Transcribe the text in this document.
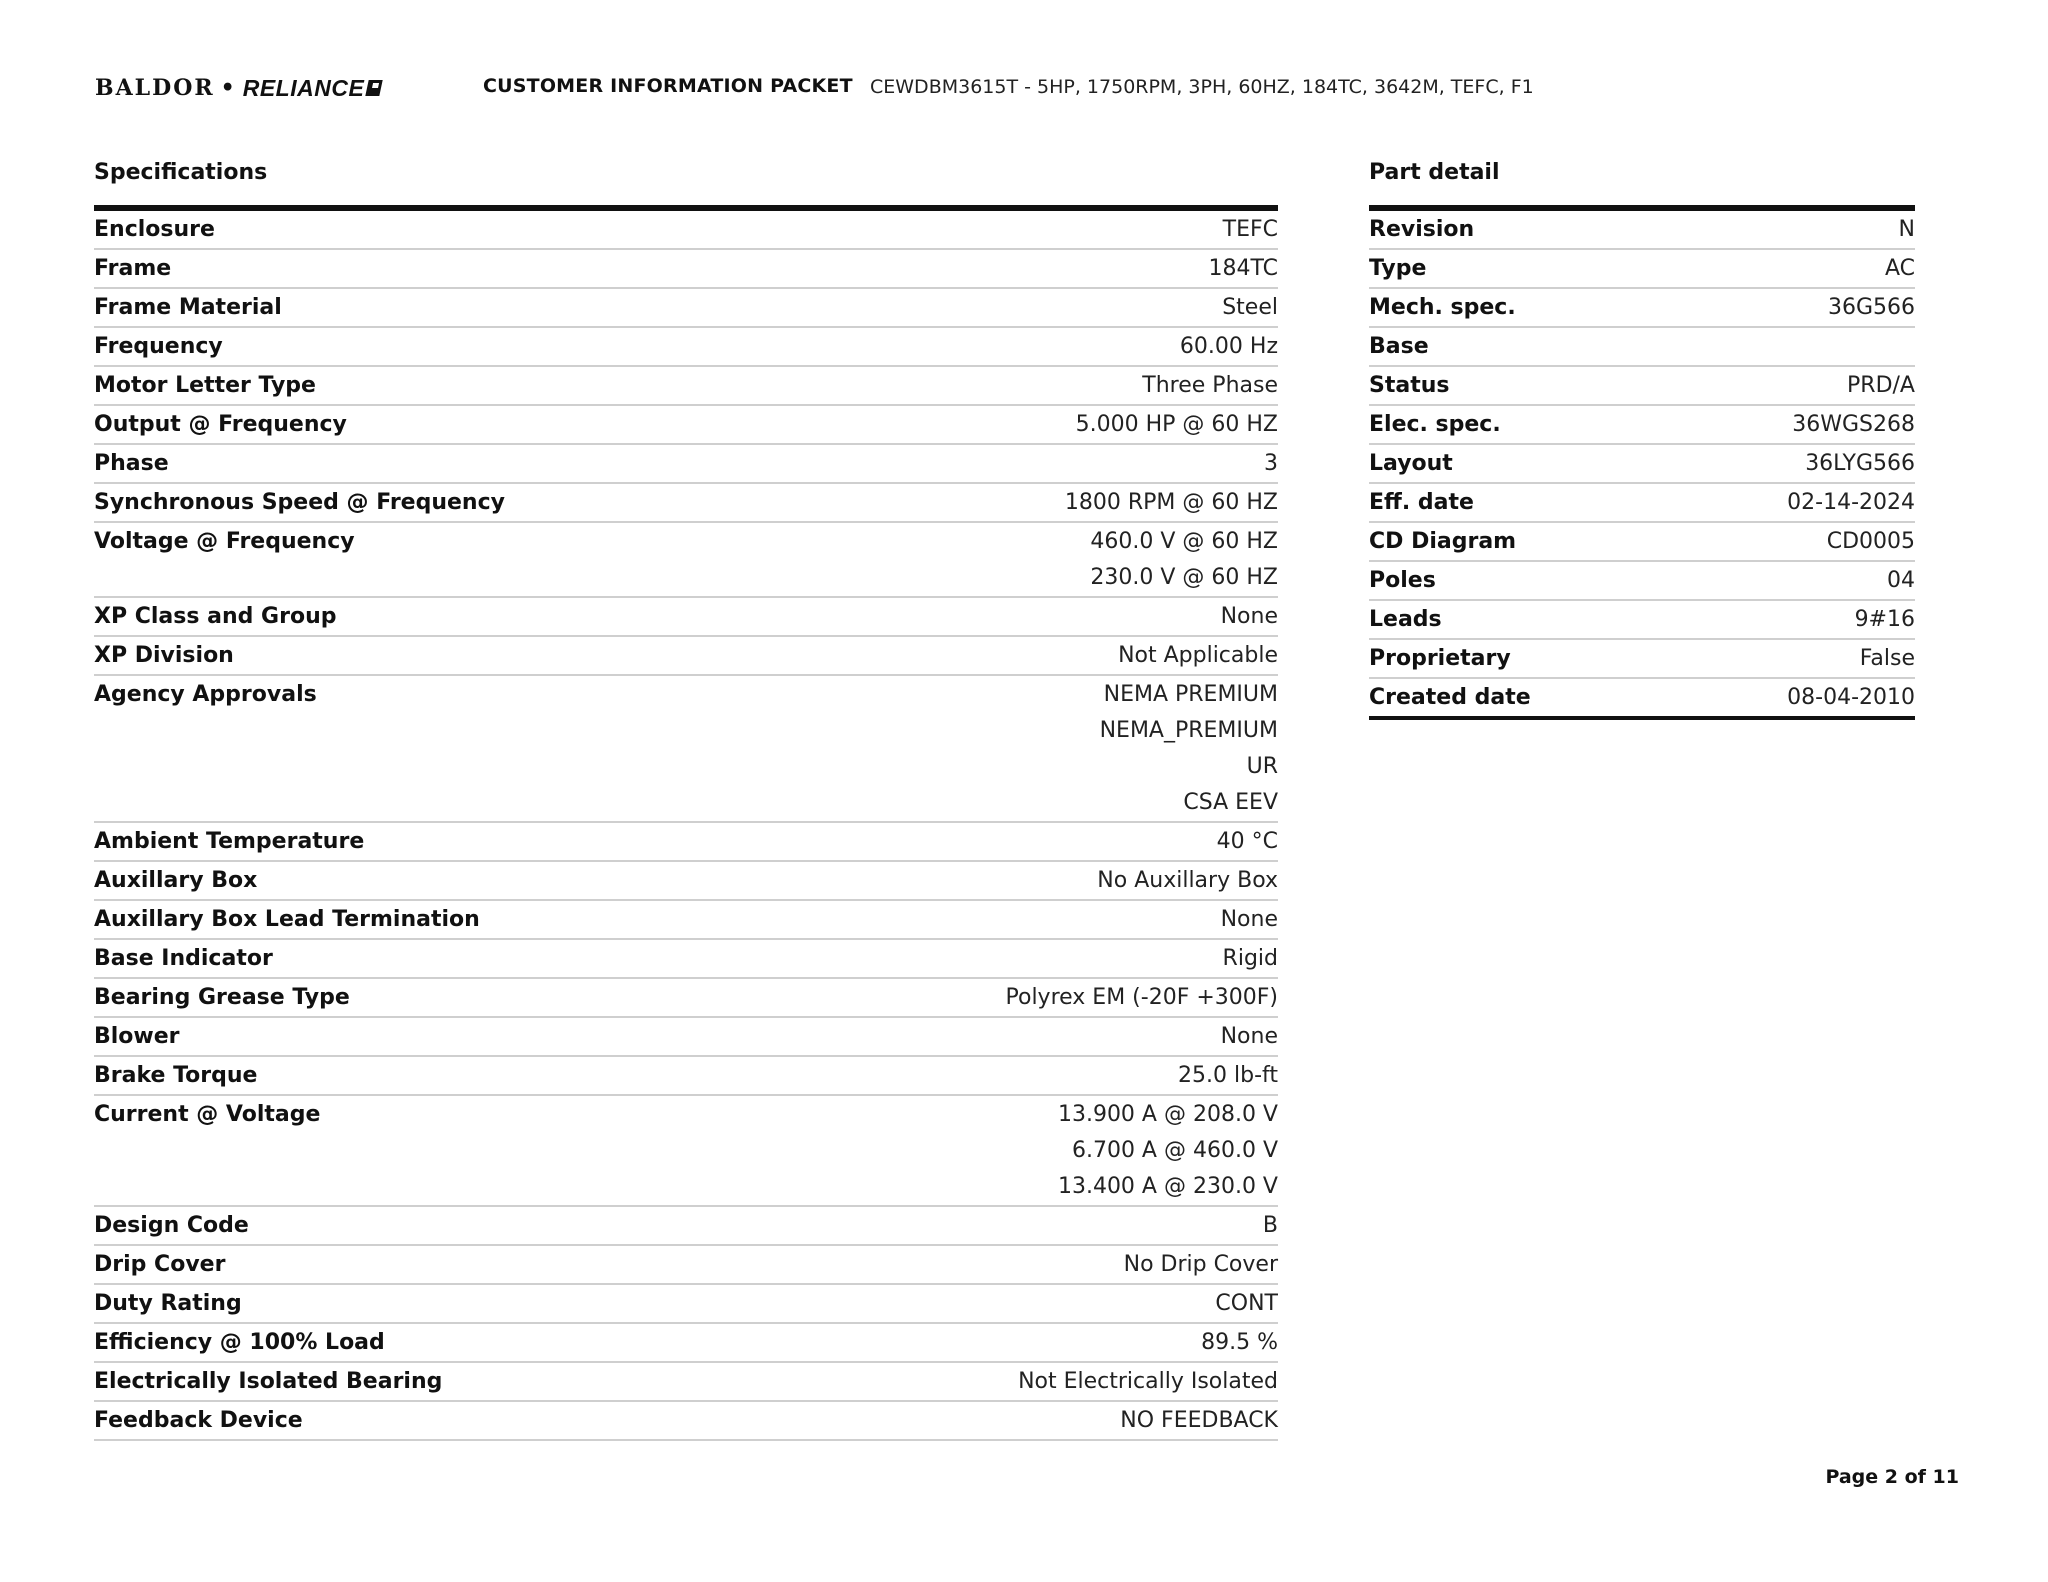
BALDOR • RELIANCE	CUSTOMER INFORMATION PACKET CEWDBM3615T - 5HP, 1750RPM, 3PH, 60HZ, 184TC, 3642M, TEFC, F1
Specifications
Enclosure	TEFC
Frame	184TC
Frame Material	Steel
Frequency	60.00 Hz
Motor Letter Type	Three Phase
Output @ Frequency	5.000 HP @ 60 HZ
Phase	3
Synchronous Speed @ Frequency	1800 RPM @ 60 HZ
Voltage @ Frequency	460.0 V @ 60 HZ
230.0 V @ 60 HZ
XP Class and Group	None
XP Division	Not Applicable
Agency Approvals	NEMA PREMIUM
NEMA_PREMIUM
UR
CSA EEV
Ambient Temperature	40 °C
Auxillary Box	No Auxillary Box
Auxillary Box Lead Termination	None
Base Indicator	Rigid
Bearing Grease Type	Polyrex EM (-20F +300F)
Blower	None
Brake Torque	25.0 lb-ft
Current @ Voltage	13.900 A @ 208.0 V
6.700 A @ 460.0 V
13.400 A @ 230.0 V
Design Code	B
Drip Cover	No Drip Cover
Duty Rating	CONT
Efficiency @ 100% Load	89.5 %
Electrically Isolated Bearing	Not Electrically Isolated
Feedback Device	NO FEEDBACK
Part detail
Revision	N
Type	AC
Mech. spec.	36G566
Base
Status	PRD/A
Elec. spec.	36WGS268
Layout	36LYG566
Eff. date	02-14-2024
CD Diagram	CD0005
Poles	04
Leads	9#16
Proprietary	False
Created date	08-04-2010
Page 2 of 11
